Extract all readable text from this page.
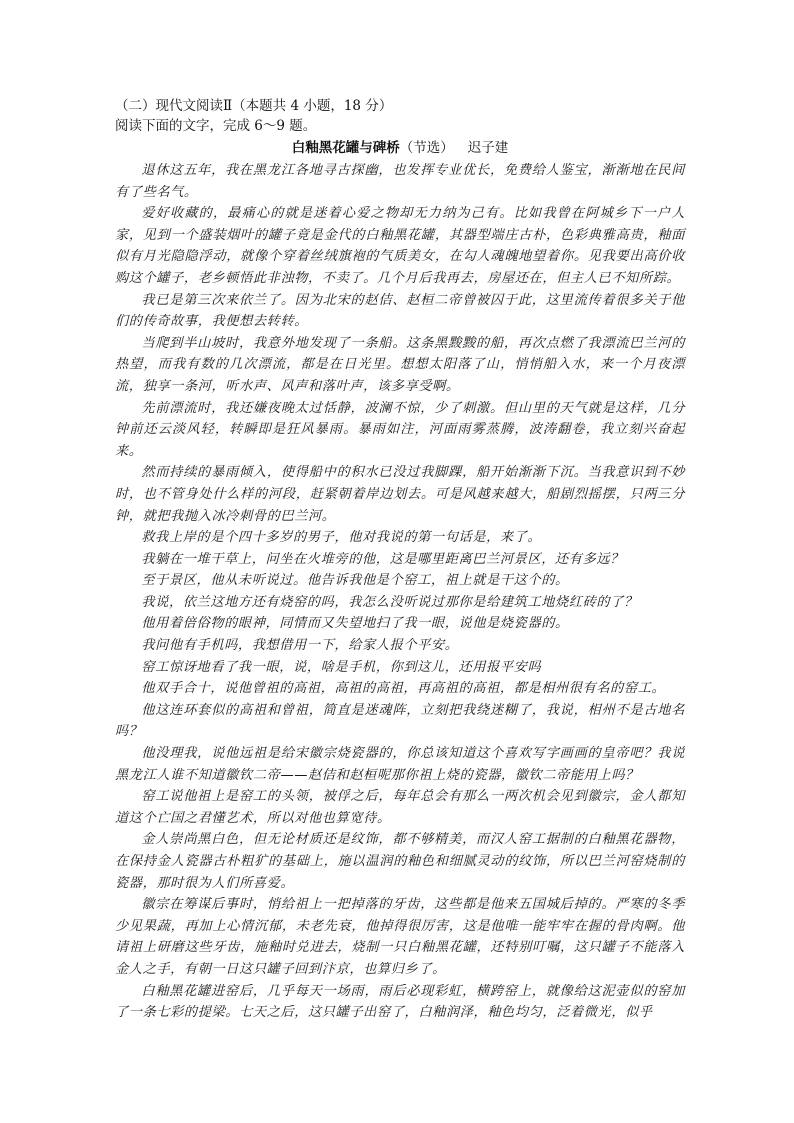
（二）现代文阅读Ⅱ（本题共 4 小题，18 分）

阅读下面的文字，完成 6～9 题。

白釉黑花罐与碑桥（节选） 迟子建

退休这五年，我在黑龙江各地寻古探幽，也发挥专业优长，免费给人鉴宝，渐渐地在民间有了些名气。

爱好收藏的，最痛心的就是迷着心爱之物却无力纳为己有。比如我曾在阿城乡下一户人家，见到一个盛装烟叶的罐子竟是金代的白釉黑花罐，其器型端庄古朴，色彩典雅高贵，釉面似有月光隐隐浮动，就像个穿着丝绒旗袍的气质美女，在勾人魂魄地望着你。见我要出高价收购这个罐子，老乡顿悟此非浊物，不卖了。几个月后我再去，房屋还在，但主人已不知所踪。

我已是第三次来依兰了。因为北宋的赵佶、赵桓二帝曾被囚于此，这里流传着很多关于他们的传奇故事，我便想去转转。

当爬到半山坡时，我意外地发现了一条船。这条黑黢黢的船，再次点燃了我漂流巴兰河的热望，而我有数的几次漂流，都是在日光里。想想太阳落了山，悄悄船入水，来一个月夜漂流，独享一条河，听水声、风声和落叶声，该多享受啊。

先前漂流时，我还嫌夜晚太过恬静，波澜不惊，少了刺激。但山里的天气就是这样，几分钟前还云淡风轻，转瞬即是狂风暴雨。暴雨如注，河面雨雾蒸腾，波涛翻卷，我立刻兴奋起来。

然而持续的暴雨倾入，使得船中的积水已没过我脚踝，船开始渐渐下沉。当我意识到不妙时，也不管身处什么样的河段，赶紧朝着岸边划去。可是风越来越大，船剧烈摇摆，只两三分钟，就把我抛入冰冷刺骨的巴兰河。

救我上岸的是个四十多岁的男子，他对我说的第一句话是，来了。

我躺在一堆干草上，问坐在火堆旁的他，这是哪里距离巴兰河景区，还有多远？

至于景区，他从未听说过。他告诉我他是个窑工，祖上就是干这个的。

我说，依兰这地方还有烧窑的吗，我怎么没听说过那你是给建筑工地烧红砖的了？

他用着倍俗物的眼神，同情而又失望地扫了我一眼，说他是烧瓷器的。

我问他有手机吗，我想借用一下，给家人报个平安。

窑工惊讶地看了我一眼，说，啥是手机，你到这儿，还用报平安吗

他双手合十，说他曾祖的高祖，高祖的高祖，再高祖的高祖，都是相州很有名的窑工。

他这连环套似的高祖和曾祖，简直是迷魂阵，立刻把我绕迷糊了，我说，相州不是古地名吗？

他没理我，说他远祖是给宋徽宗烧瓷器的，你总该知道这个喜欢写字画画的皇帝吧？我说黑龙江人谁不知道徽钦二帝——赵佶和赵桓呢那你祖上烧的瓷器，徽钦二帝能用上吗？

窑工说他祖上是窑工的头领，被俘之后，每年总会有那么一两次机会见到徽宗，金人都知道这个亡国之君懂艺术，所以对他也算宽待。

金人崇尚黑白色，但无论材质还是纹饰，都不够精美，而汉人窑工据制的白釉黑花器物，在保持金人瓷器古朴粗犷的基础上，施以温润的釉色和细腻灵动的纹饰，所以巴兰河窑烧制的瓷器，那时很为人们所喜爱。

徽宗在筹谋后事时，悄给祖上一把掉落的牙齿，这些都是他来五国城后掉的。严寒的冬季少见果蔬，再加上心情沉郁，未老先衰，他掉得很厉害，这是他唯一能牢牢在握的骨肉啊。他请祖上研磨这些牙齿，施釉时兑进去，烧制一只白釉黑花罐，还特别叮嘱，这只罐子不能落入金人之手，有朝一日这只罐子回到汴京，也算归乡了。

白釉黑花罐进窑后，几乎每天一场雨，雨后必现彩虹，横跨窑上，就像给这泥壶似的窑加了一条七彩的提梁。七天之后，这只罐子出窑了，白釉润泽，釉色均匀，泛着微光，似乎
